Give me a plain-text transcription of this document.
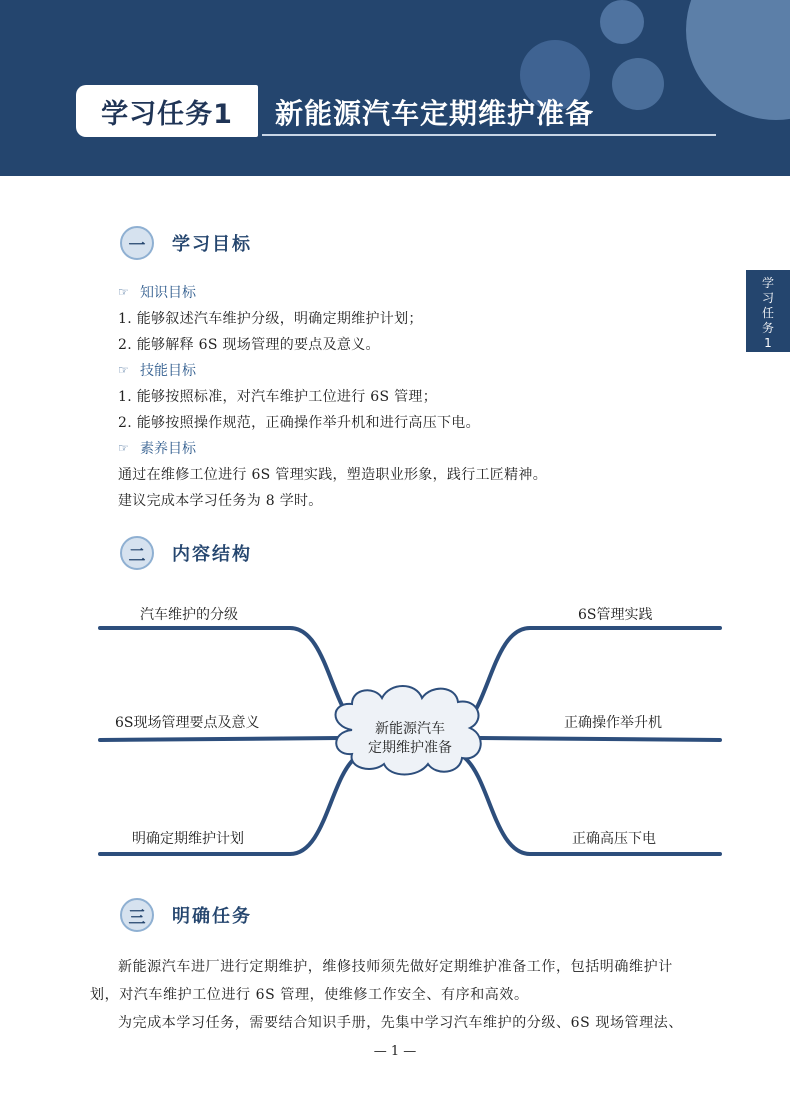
学习任务1 新能源汽车定期维护准备
学
习
任
务
1
一	学习目标
☞ 知识目标
1. 能够叙述汽车维护分级，明确定期维护计划；
2. 能够解释 6S 现场管理的要点及意义。
☞ 技能目标
1. 能够按照标准，对汽车维护工位进行 6S 管理；
2. 能够按照操作规范，正确操作举升机和进行高压下电。
☞ 素养目标
通过在维修工位进行 6S 管理实践，塑造职业形象，践行工匠精神。
建议完成本学习任务为 8 学时。
二	内容结构
新能源汽车
定期维护准备
汽车维护的分级
6S现场管理要点及意义
明确定期维护计划
6S管理实践
正确操作举升机
正确高压下电
三	明确任务
新能源汽车进厂进行定期维护，维修技师须先做好定期维护准备工作，包括明确维护计
划，对汽车维护工位进行 6S 管理，使维修工作安全、有序和高效。
为完成本学习任务，需要结合知识手册，先集中学习汽车维护的分级、6S 现场管理法、
— 1 —
